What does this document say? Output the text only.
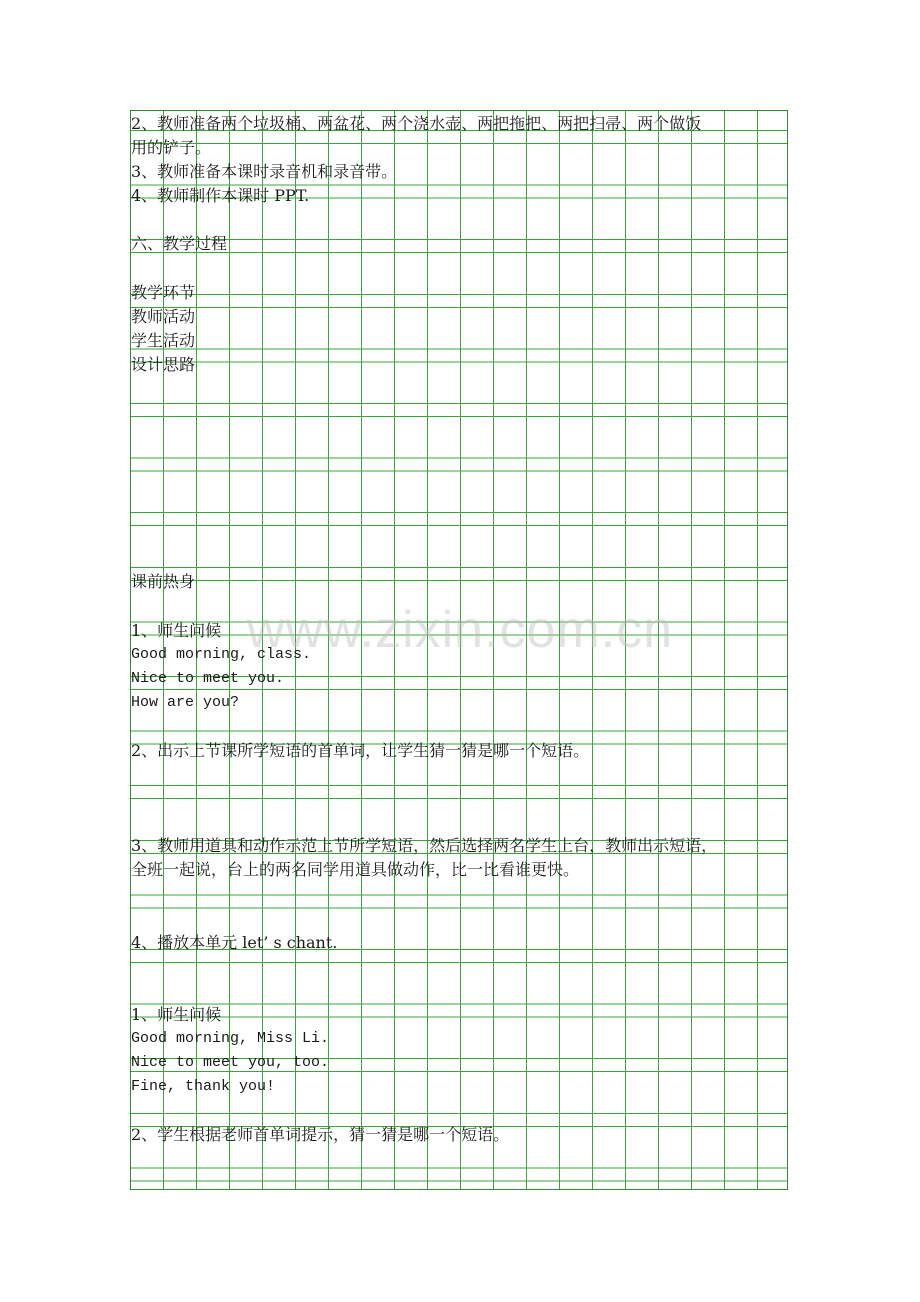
2、教师准备两个垃圾桶、两盆花、两个浇水壶、两把拖把、两把扫帚、两个做饭

用的铲子。

3、教师准备本课时录音机和录音带。

4、教师制作本课时 PPT.

六、教学过程

教学环节

教师活动

学生活动

设计思路

课前热身

1、师生问候

Good morning, class.

Nice to meet you.

How are you?

2、出示上节课所学短语的首单词，让学生猜一猜是哪一个短语。

3、教师用道具和动作示范上节所学短语，然后选择两名学生上台，教师出示短语，

全班一起说，台上的两名同学用道具做动作，比一比看谁更快。

4、播放本单元 let’ s chant.

1、师生问候

Good morning, Miss Li.

Nice to meet you, too.

Fine, thank you!

2、学生根据老师首单词提示，猜一猜是哪一个短语。

www.zixin.com.cn
